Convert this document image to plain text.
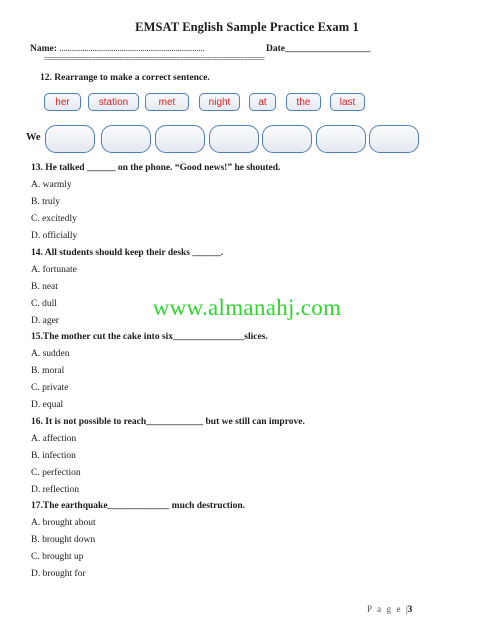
EMSAT English Sample Practice Exam 1
Name: ......................................................................	Date__________________
=================================================================
12. Rearrange to make a correct sentence.
her	station	met	night	at	the	last
We
13. He talked ______ on the phone. “Good news!” he shouted.
A. warmly
B. truly
C. excitedly
D. officially
14. All students should keep their desks ______.
A. fortunate
B. neat
C. dull
D. ager
15.The mother cut the cake into six_______________slices.
A. sudden
B. moral
C. private
D. equal
16. It is not possible to reach____________ but we still can improve.
A. affection
B. infection
C. perfection
D. reflection
17.The earthquake_____________ much destruction.
A. brought about
B. brought down
C. brought up
D. brought for
www.almanahj.com
P a g e |3
